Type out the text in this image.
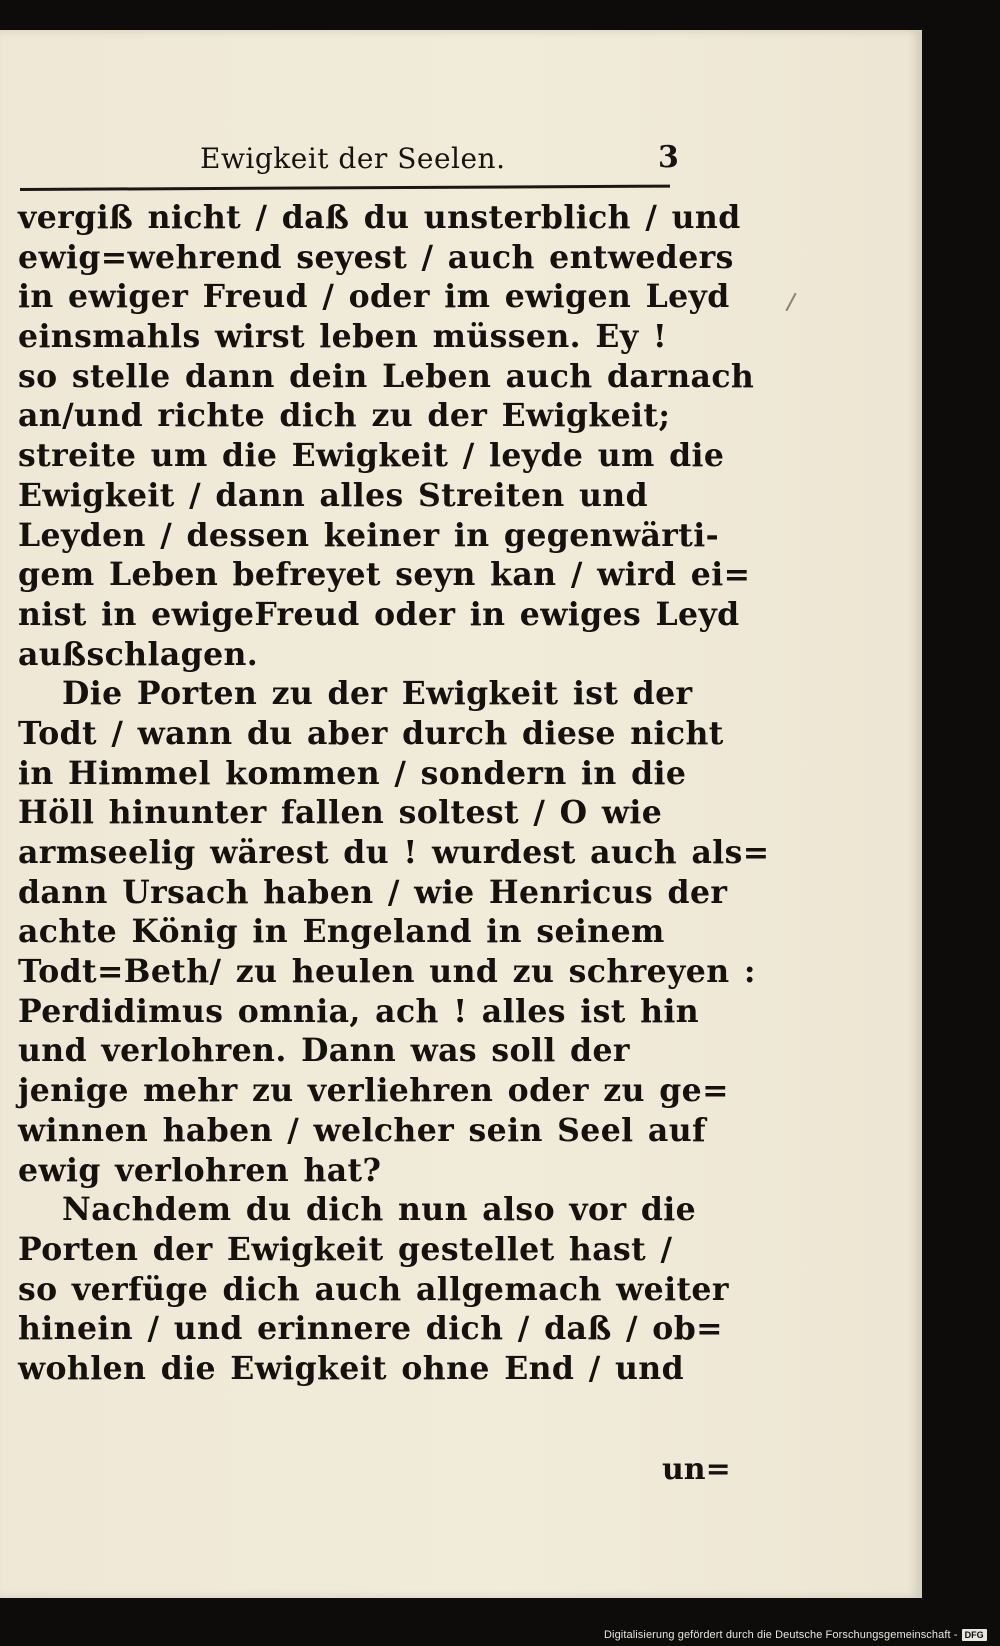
Ewigkeit der Seelen.	3
vergiß nicht / daß du unsterblich / und
ewig=wehrend seyest / auch entweders
in ewiger Freud / oder im ewigen Leyd
einsmahls wirst leben müssen. Ey !
so stelle dann dein Leben auch darnach
an/und richte dich zu der Ewigkeit;
streite um die Ewigkeit / leyde um die
Ewigkeit / dann alles Streiten und
Leyden / dessen keiner in gegenwärti-
gem Leben befreyet seyn kan / wird ei=
nist in ewigeFreud oder in ewiges Leyd
außschlagen.
Die Porten zu der Ewigkeit ist der
Todt / wann du aber durch diese nicht
in Himmel kommen / sondern in die
Höll hinunter fallen soltest / O wie
armseelig wärest du ! wurdest auch als=
dann Ursach haben / wie Henricus der
achte König in Engeland in seinem
Todt=Beth/ zu heulen und zu schreyen :
Perdidimus omnia, ach ! alles ist hin
und verlohren. Dann was soll der
jenige mehr zu verliehren oder zu ge=
winnen haben / welcher sein Seel auf
ewig verlohren hat?
Nachdem du dich nun also vor die
Porten der Ewigkeit gestellet hast /
so verfüge dich auch allgemach weiter
hinein / und erinnere dich / daß / ob=
wohlen die Ewigkeit ohne End / und
un=
Digitalisierung gefördert durch die Deutsche Forschungsgemeinschaft - DFG
